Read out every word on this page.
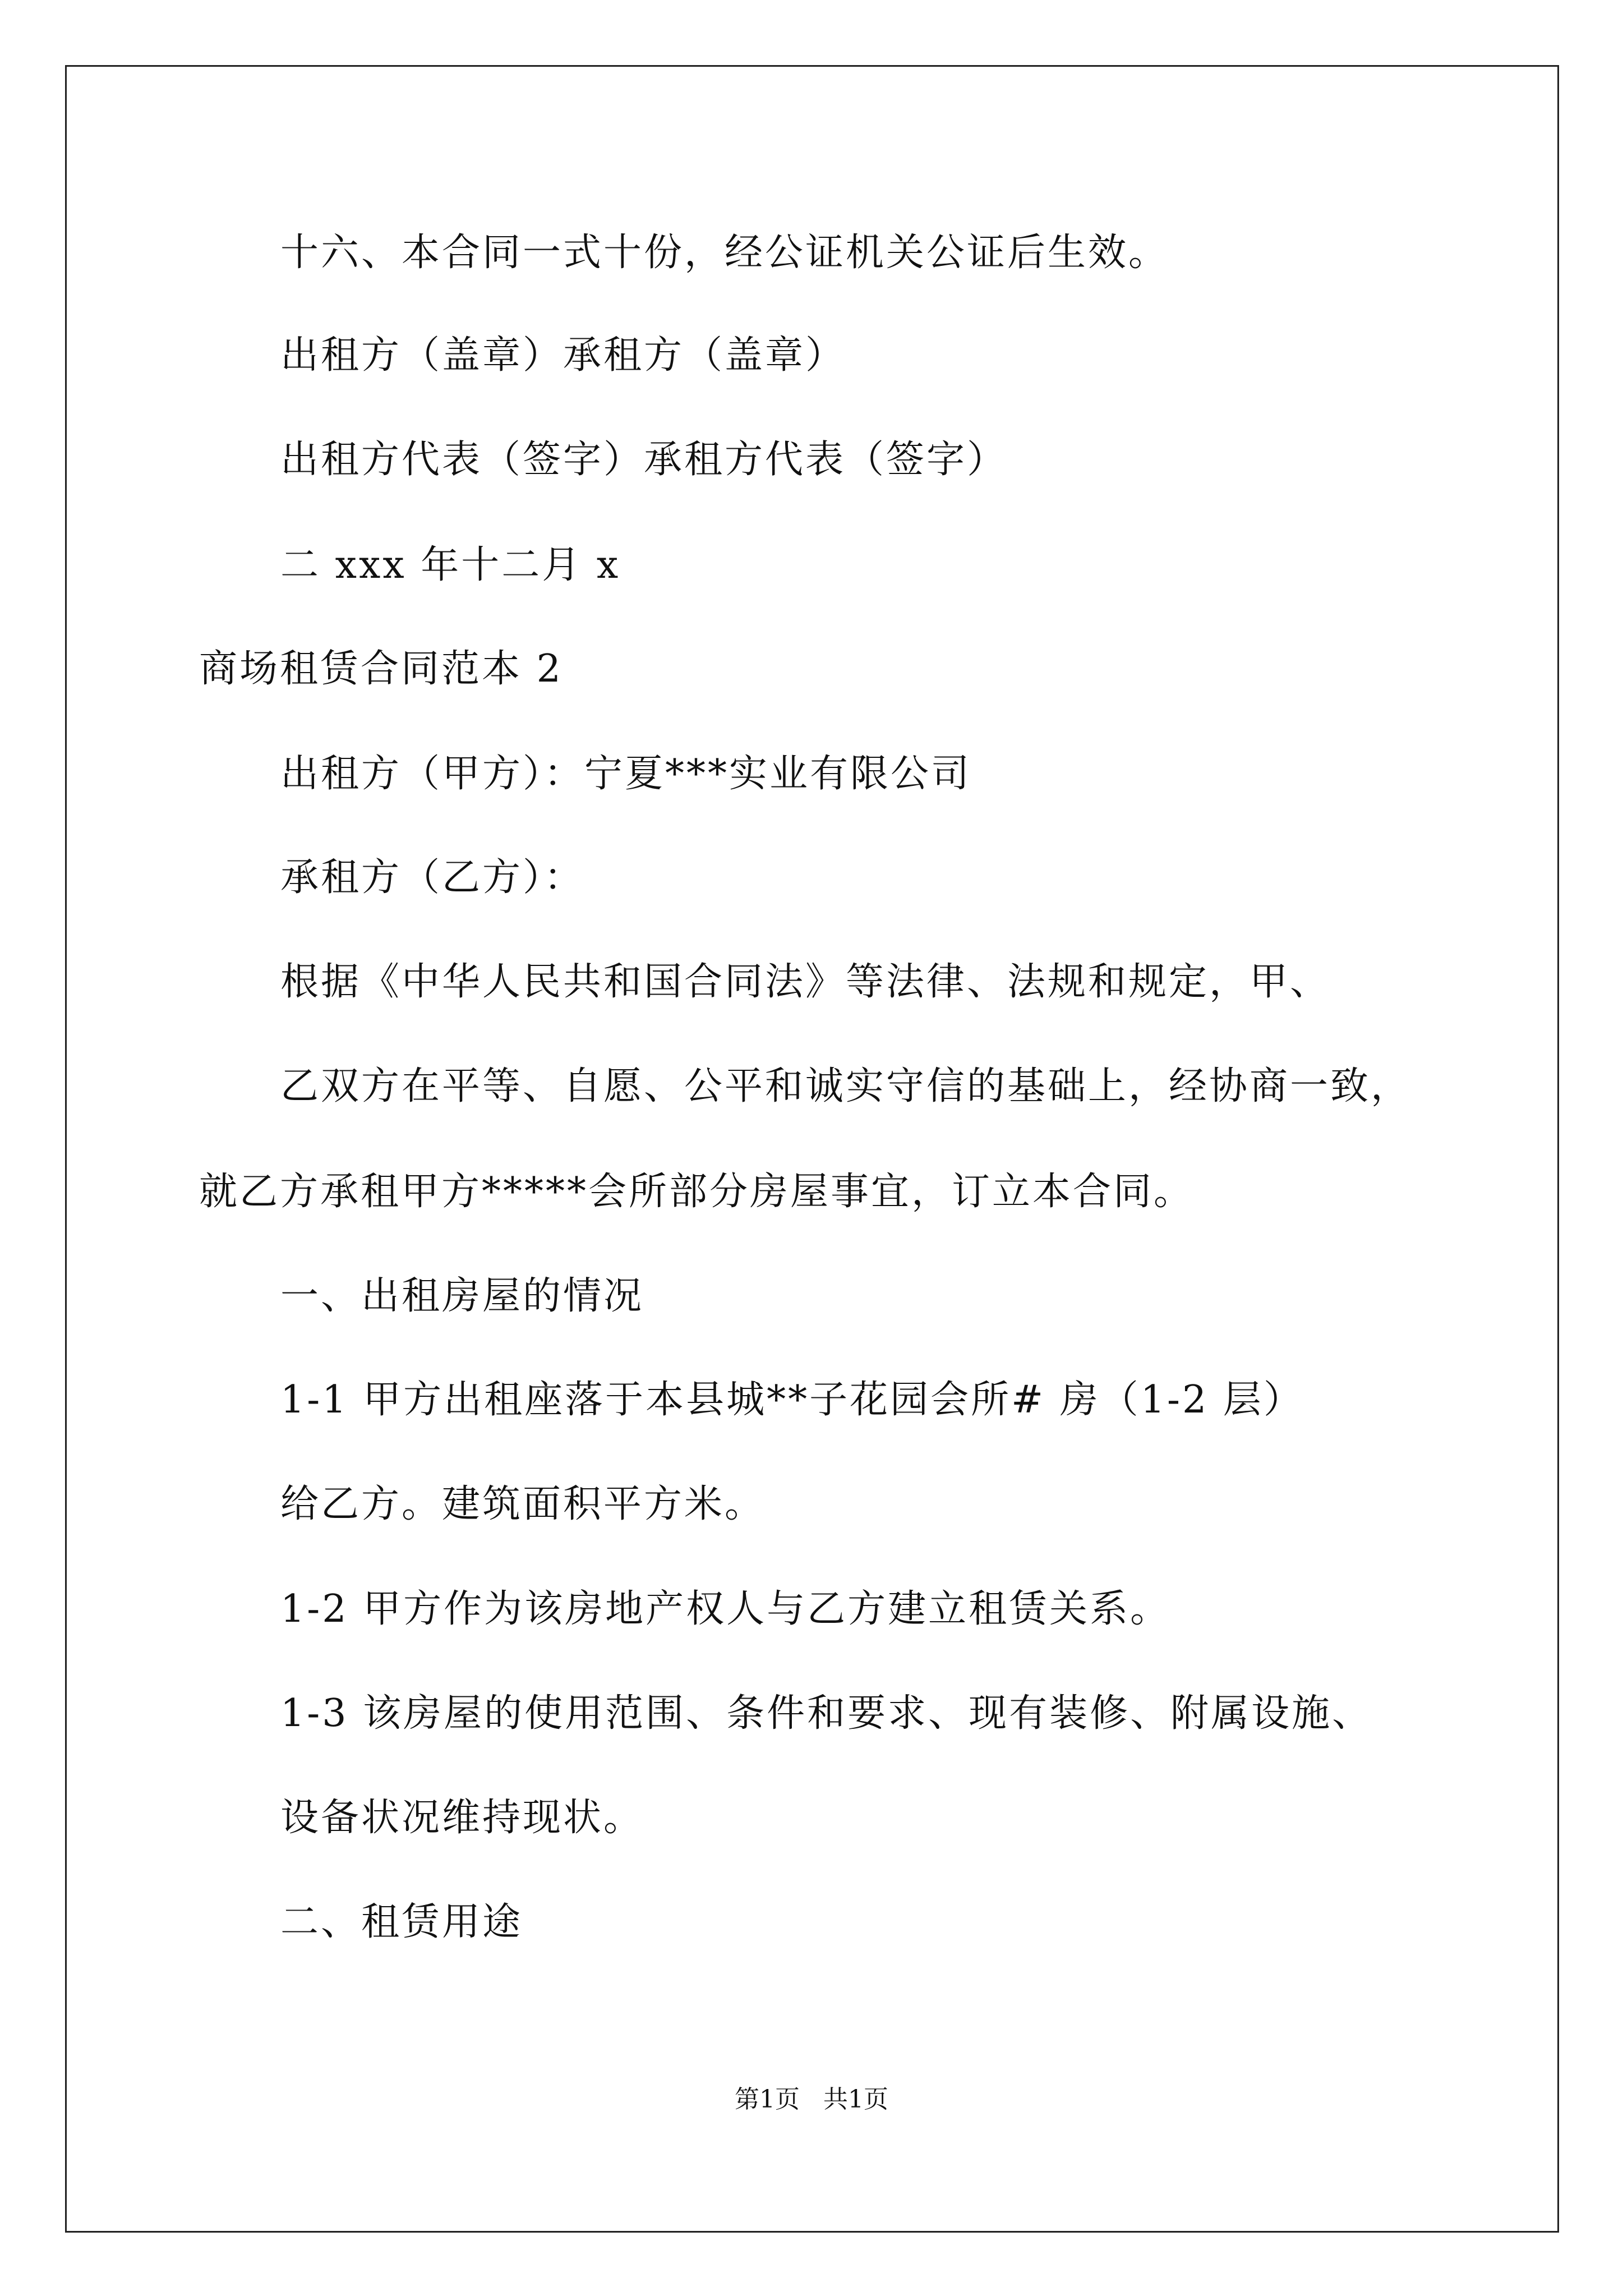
十六、本合同一式十份，经公证机关公证后生效。
出租方（盖章）承租方（盖章）
出租方代表（签字）承租方代表（签字）
二 xxx 年十二月 x
商场租赁合同范本 2
出租方（甲方）：宁夏***实业有限公司
承租方（乙方）：
根据《中华人民共和国合同法》等法律、法规和规定，甲、
乙双方在平等、自愿、公平和诚实守信的基础上，经协商一致，
就乙方承租甲方*****会所部分房屋事宜，订立本合同。
一、出租房屋的情况
1-1 甲方出租座落于本县城**子花园会所# 房（1-2 层）
给乙方。建筑面积平方米。
1-2 甲方作为该房地产权人与乙方建立租赁关系。
1-3 该房屋的使用范围、条件和要求、现有装修、附属设施、
设备状况维持现状。
二、租赁用途
第1页   共1页
